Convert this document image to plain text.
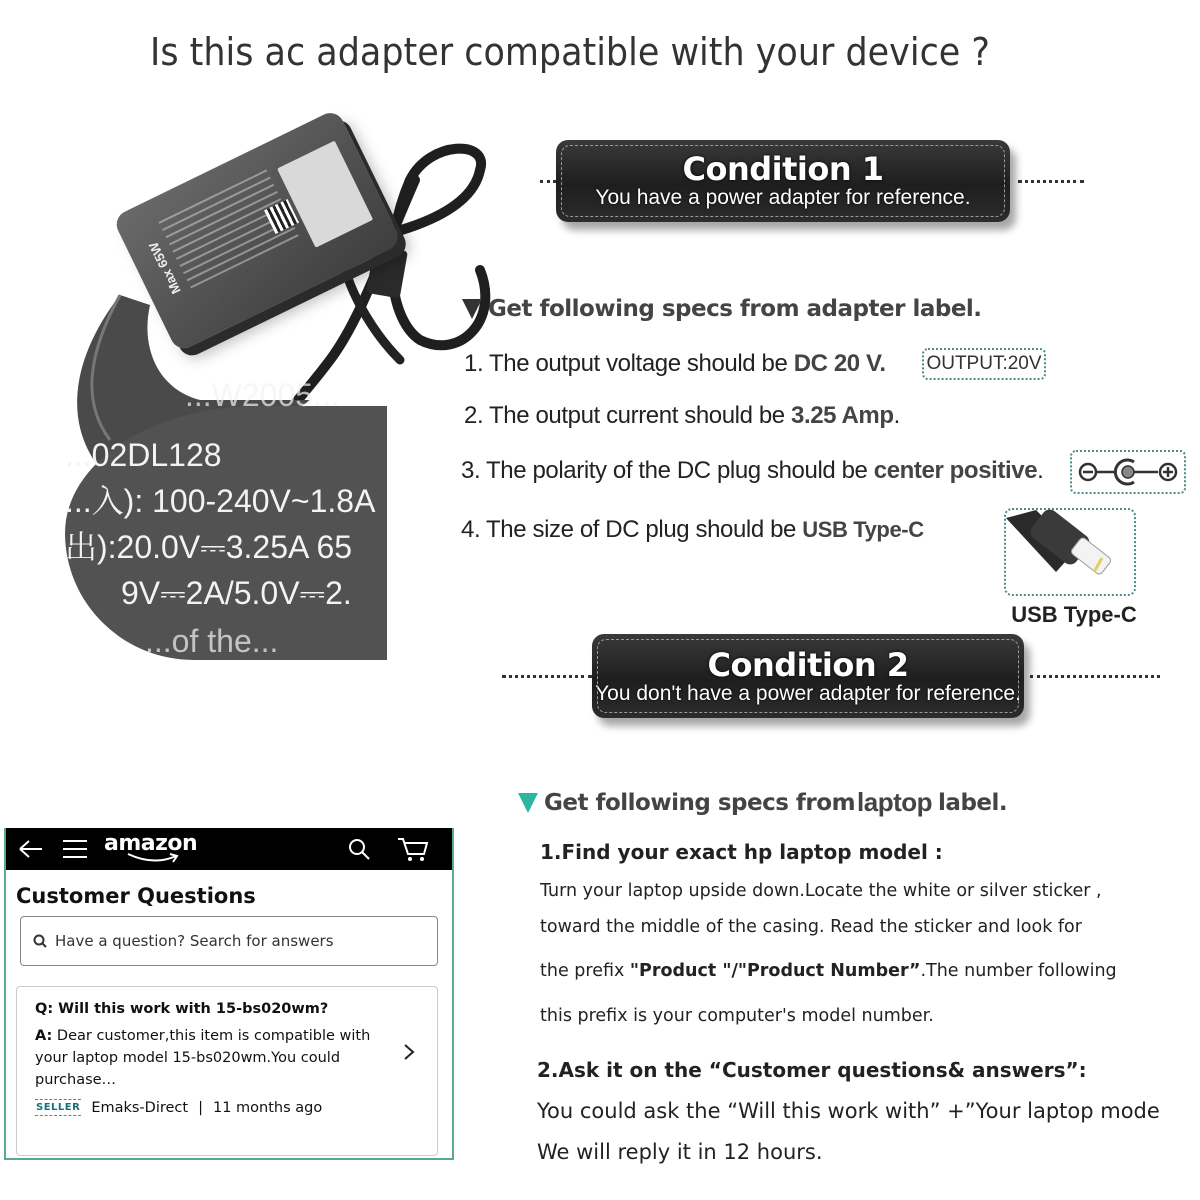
Is this ac adapter compatible with your device ?
Max 65W
...W2005...
...02DL128
...入): 100-240V~1.8A
出):20.0V⎓3.25A 65
9V⎓2A/5.0V⎓2.
...of the...
Condition 1
You have a power adapter for reference.
Get following specs from adapter label.
1. The output voltage should be DC 20 V. OUTPUT:20V
2. The output current should be 3.25 Amp.
3. The polarity of the DC plug should be center positive.
4. The size of DC plug should be USB Type-C
USB Type-C
Condition 2
You don't have a power adapter for reference.
Get following specs from laptop label.
1.Find your exact hp laptop model :
Turn your laptop upside down.Locate the white or silver sticker ,
toward the middle of the casing. Read the sticker and look for
the prefix "Product "/"Product Number”.The number following
this prefix is your computer's model number.
2.Ask it on the “Customer questions& answers”:
You could ask the “Will this work with” +”Your laptop mode
We will reply it in 12 hours.
amazon
Customer Questions
Have a question? Search for answers
Q: Will this work with 15-bs020wm?
A: Dear customer,this item is compatible with your laptop model 15-bs020wm.You could purchase…
SELLER Emaks-Direct | 11 months ago
